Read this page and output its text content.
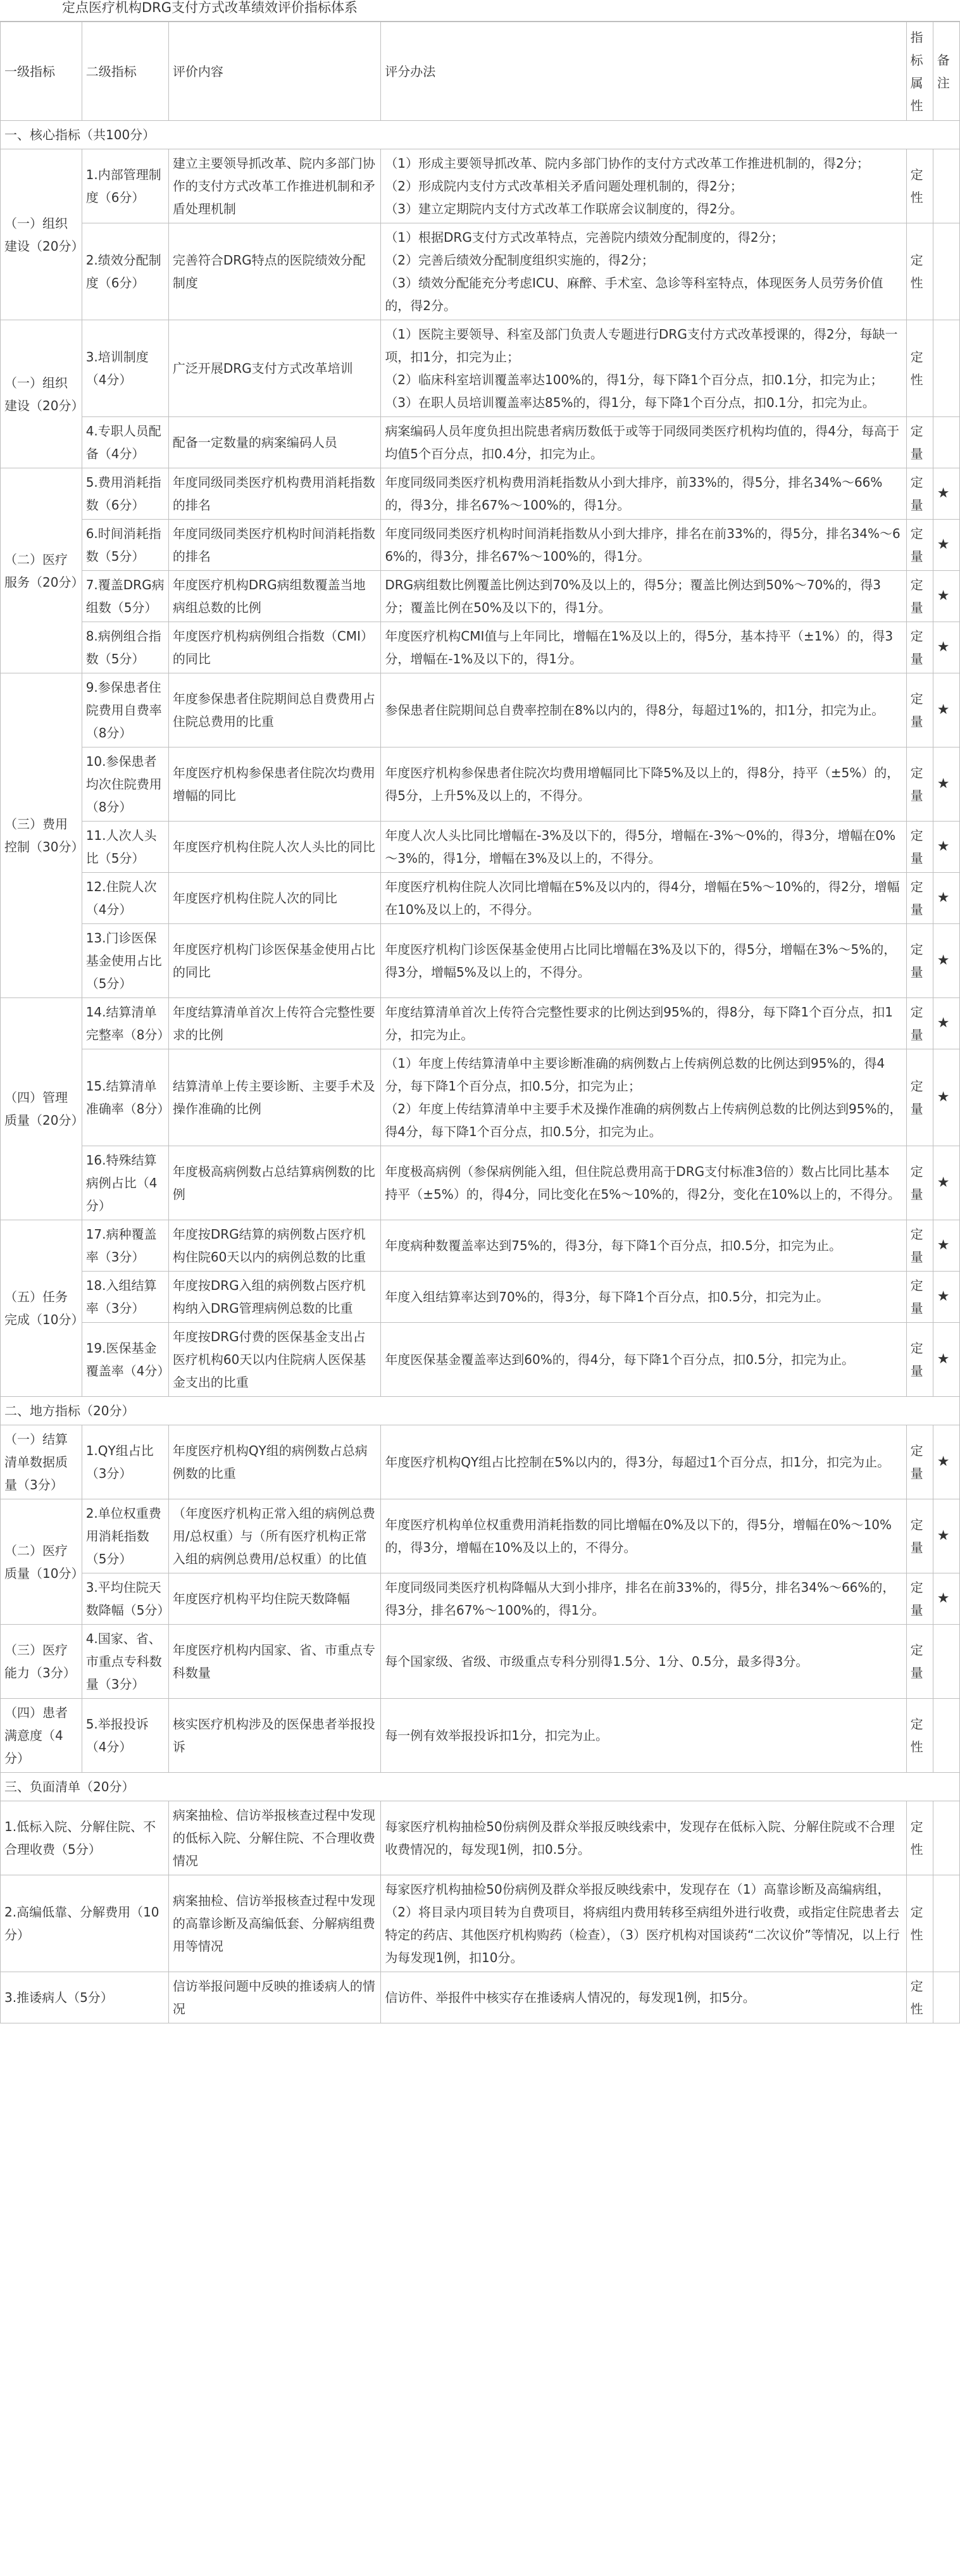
定点医疗机构DRG支付方式改革绩效评价指标体系
一级指标	二级指标	评价内容	评分办法	指标属性	备注
一、核心指标（共100分）					
（一）组织建设（20分）	1.内部管理制度（6分）	建立主要领导抓改革、院内多部门协作的支付方式改革工作推进机制和矛盾处理机制	（1）形成主要领导抓改革、院内多部门协作的支付方式改革工作推进机制的，得2分；
（2）形成院内支付方式改革相关矛盾问题处理机制的，得2分；
（3）建立定期院内支付方式改革工作联席会议制度的，得2分。	定性	
	2.绩效分配制度（6分）	完善符合DRG特点的医院绩效分配制度	（1）根据DRG支付方式改革特点，完善院内绩效分配制度的，得2分；
（2）完善后绩效分配制度组织实施的，得2分；
（3）绩效分配能充分考虑ICU、麻醉、手术室、急诊等科室特点，体现医务人员劳务价值的，得2分。	定性	
（一）组织建设（20分）	3.培训制度（4分）	广泛开展DRG支付方式改革培训	（1）医院主要领导、科室及部门负责人专题进行DRG支付方式改革授课的，得2分，每缺一项，扣1分，扣完为止；
（2）临床科室培训覆盖率达100%的，得1分，每下降1个百分点，扣0.1分，扣完为止；
（3）在职人员培训覆盖率达85%的，得1分，每下降1个百分点，扣0.1分，扣完为止。	定性	
	4.专职人员配备（4分）	配备一定数量的病案编码人员	病案编码人员年度负担出院患者病历数低于或等于同级同类医疗机构均值的，得4分，每高于均值5个百分点，扣0.4分，扣完为止。	定量	
（二）医疗服务（20分）	5.费用消耗指数（6分）	年度同级同类医疗机构费用消耗指数的排名	年度同级同类医疗机构费用消耗指数从小到大排序，前33%的，得5分，排名34%～66%的，得3分，排名67%～100%的，得1分。	定量	★
	6.时间消耗指数（5分）	年度同级同类医疗机构时间消耗指数的排名	年度同级同类医疗机构时间消耗指数从小到大排序，排名在前33%的，得5分，排名34%～66%的，得3分，排名67%～100%的，得1分。	定量	★
	7.覆盖DRG病组数（5分）	年度医疗机构DRG病组数覆盖当地病组总数的比例	DRG病组数比例覆盖比例达到70%及以上的，得5分；覆盖比例达到50%～70%的，得3分；覆盖比例在50%及以下的，得1分。	定量	★
	8.病例组合指数（5分）	年度医疗机构病例组合指数（CMI）的同比	年度医疗机构CMI值与上年同比，增幅在1%及以上的，得5分，基本持平（±1%）的，得3分，增幅在-1%及以下的，得1分。	定量	★
（三）费用控制（30分）	9.参保患者住院费用自费率（8分）	年度参保患者住院期间总自费费用占住院总费用的比重	参保患者住院期间总自费率控制在8%以内的，得8分，每超过1%的，扣1分，扣完为止。	定量	★
	10.参保患者均次住院费用（8分）	年度医疗机构参保患者住院次均费用增幅的同比	年度医疗机构参保患者住院次均费用增幅同比下降5%及以上的，得8分，持平（±5%）的，得5分，上升5%及以上的，不得分。	定量	★
	11.人次人头比（5分）	年度医疗机构住院人次人头比的同比	年度人次人头比同比增幅在-3%及以下的，得5分，增幅在-3%～0%的，得3分，增幅在0%～3%的，得1分，增幅在3%及以上的，不得分。	定量	★
	12.住院人次（4分）	年度医疗机构住院人次的同比	年度医疗机构住院人次同比增幅在5%及以内的，得4分，增幅在5%～10%的，得2分，增幅在10%及以上的，不得分。	定量	★
	13.门诊医保基金使用占比（5分）	年度医疗机构门诊医保基金使用占比的同比	年度医疗机构门诊医保基金使用占比同比增幅在3%及以下的，得5分，增幅在3%～5%的，得3分，增幅5%及以上的，不得分。	定量	★
（四）管理质量（20分）	14.结算清单完整率（8分）	年度结算清单首次上传符合完整性要求的比例	年度结算清单首次上传符合完整性要求的比例达到95%的，得8分，每下降1个百分点，扣1分，扣完为止。	定量	★
	15.结算清单准确率（8分）	结算清单上传主要诊断、主要手术及操作准确的比例	（1）年度上传结算清单中主要诊断准确的病例数占上传病例总数的比例达到95%的，得4分，每下降1个百分点，扣0.5分，扣完为止；
（2）年度上传结算清单中主要手术及操作准确的病例数占上传病例总数的比例达到95%的，得4分，每下降1个百分点，扣0.5分，扣完为止。	定量	★
	16.特殊结算病例占比（4分）	年度极高病例数占总结算病例数的比例	年度极高病例（参保病例能入组，但住院总费用高于DRG支付标准3倍的）数占比同比基本持平（±5%）的，得4分，同比变化在5%～10%的，得2分，变化在10%以上的，不得分。	定量	★
（五）任务完成（10分）	17.病种覆盖率（3分）	年度按DRG结算的病例数占医疗机构住院60天以内的病例总数的比重	年度病种数覆盖率达到75%的，得3分，每下降1个百分点，扣0.5分，扣完为止。	定量	★
	18.入组结算率（3分）	年度按DRG入组的病例数占医疗机构纳入DRG管理病例总数的比重	年度入组结算率达到70%的，得3分，每下降1个百分点，扣0.5分，扣完为止。	定量	★
	19.医保基金覆盖率（4分）	年度按DRG付费的医保基金支出占医疗机构60天以内住院病人医保基金支出的比重	年度医保基金覆盖率达到60%的，得4分，每下降1个百分点，扣0.5分，扣完为止。	定量	★
二、地方指标（20分）					
（一）结算清单数据质量（3分）	1.QY组占比（3分）	年度医疗机构QY组的病例数占总病例数的比重	年度医疗机构QY组占比控制在5%以内的，得3分，每超过1个百分点，扣1分，扣完为止。	定量	★
（二）医疗质量（10分）	2.单位权重费用消耗指数（5分）	（年度医疗机构正常入组的病例总费用/总权重）与（所有医疗机构正常入组的病例总费用/总权重）的比值	年度医疗机构单位权重费用消耗指数的同比增幅在0%及以下的，得5分，增幅在0%～10%的，得3分，增幅在10%及以上的，不得分。	定量	★
	3.平均住院天数降幅（5分）	年度医疗机构平均住院天数降幅	年度同级同类医疗机构降幅从大到小排序，排名在前33%的，得5分，排名34%～66%的，得3分，排名67%～100%的，得1分。	定量	★
（三）医疗能力（3分）	4.国家、省、市重点专科数量（3分）	年度医疗机构内国家、省、市重点专科数量	每个国家级、省级、市级重点专科分别得1.5分、1分、0.5分，最多得3分。	定量	
（四）患者满意度（4分）	5.举报投诉（4分）	核实医疗机构涉及的医保患者举报投诉	每一例有效举报投诉扣1分，扣完为止。	定性	
三、负面清单（20分）					
1.低标入院、分解住院、不合理收费（5分）		病案抽检、信访举报核查过程中发现的低标入院、分解住院、不合理收费情况	每家医疗机构抽检50份病例及群众举报反映线索中，发现存在低标入院、分解住院或不合理收费情况的，每发现1例，扣0.5分。	定性	
2.高编低靠、分解费用（10分）		病案抽检、信访举报核查过程中发现的高靠诊断及高编低套、分解病组费用等情况	每家医疗机构抽检50份病例及群众举报反映线索中，发现存在（1）高靠诊断及高编病组，（2）将目录内项目转为自费项目，将病组内费用转移至病组外进行收费，或指定住院患者去特定的药店、其他医疗机构购药（检查），（3）医疗机构对国谈药“二次议价”等情况，以上行为每发现1例，扣10分。	定性	
3.推诿病人（5分）		信访举报问题中反映的推诿病人的情况	信访件、举报件中核实存在推诿病人情况的，每发现1例，扣5分。	定性	
